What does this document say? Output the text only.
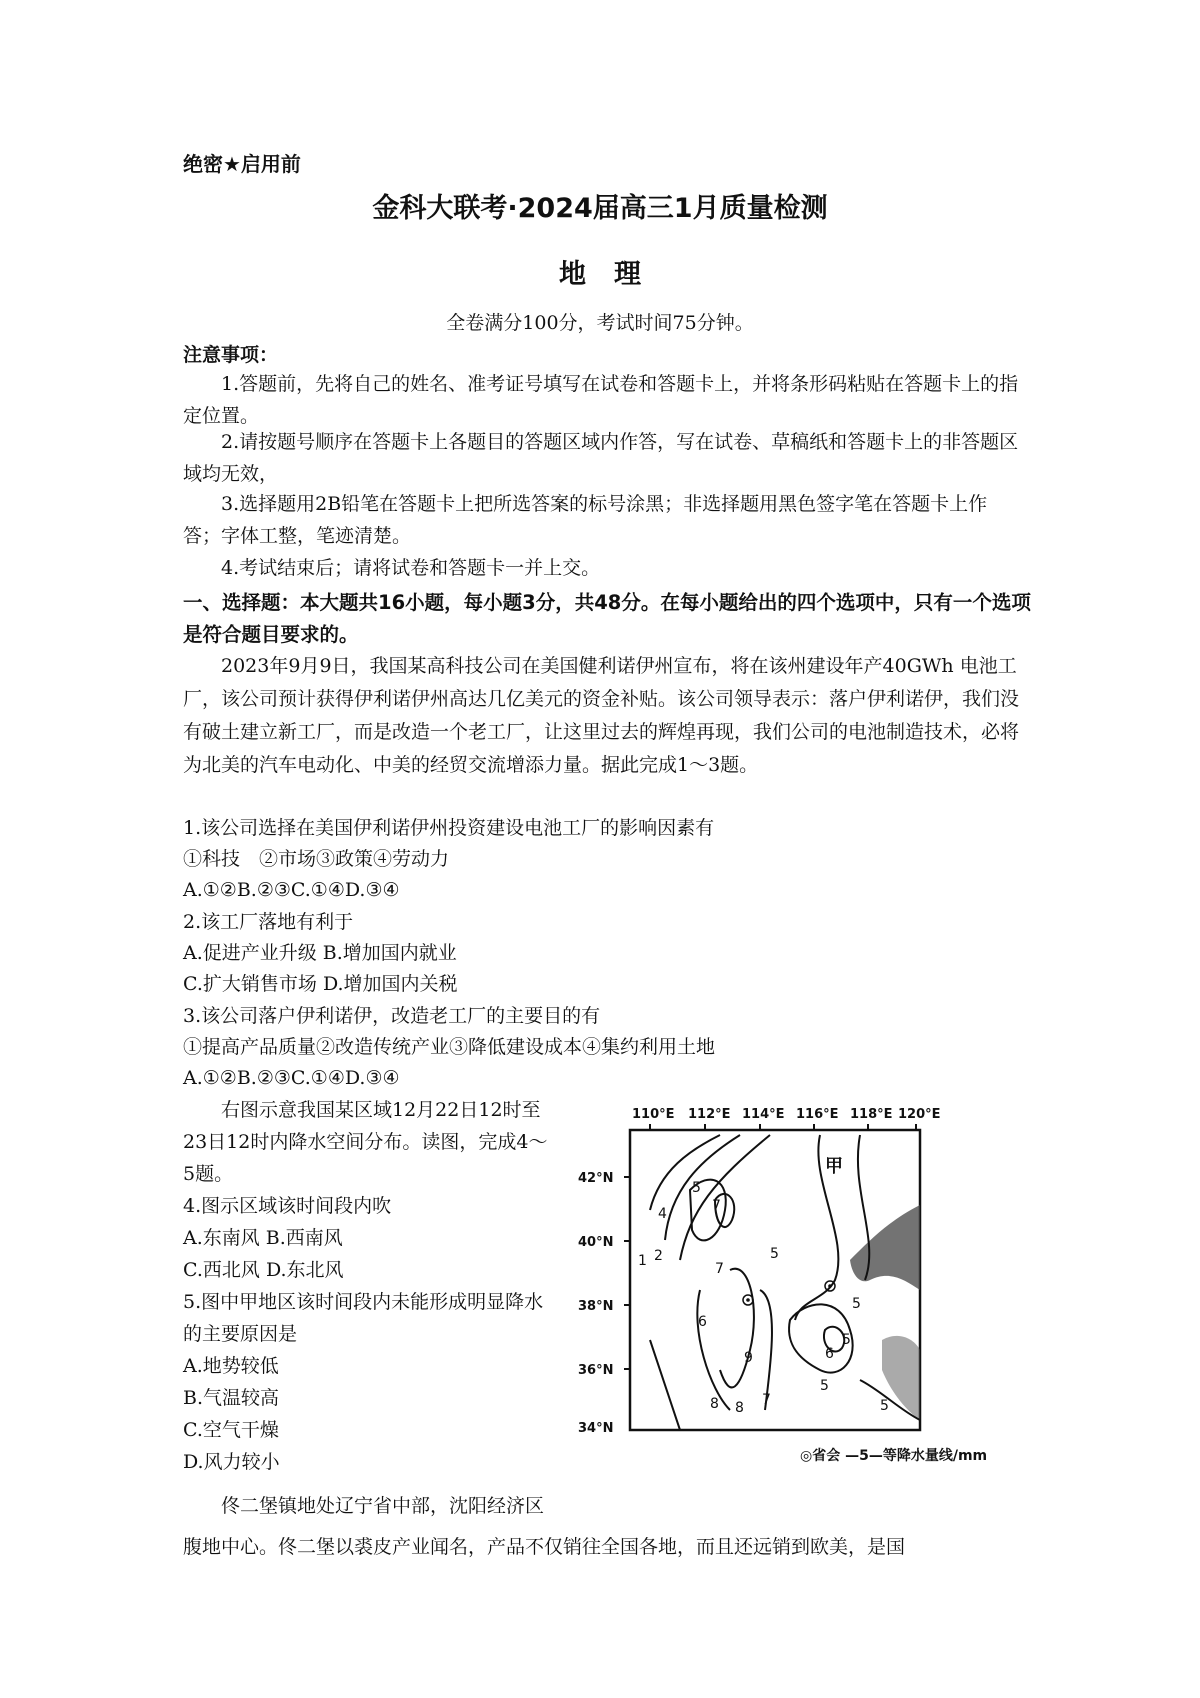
绝密★启用前
金科大联考·2024届高三1月质量检测
地理
全卷满分100分，考试时间75分钟。
注意事项：
1.答题前，先将自己的姓名、准考证号填写在试卷和答题卡上，并将条形码粘贴在答题卡上的指定位置。
2.请按题号顺序在答题卡上各题目的答题区域内作答，写在试卷、草稿纸和答题卡上的非答题区域均无效，
3.选择题用2B铅笔在答题卡上把所选答案的标号涂黑；非选择题用黑色签字笔在答题卡上作答；字体工整，笔迹清楚。
4.考试结束后；请将试卷和答题卡一并上交。
一、选择题：本大题共16小题，每小题3分，共48分。在每小题给出的四个选项中，只有一个选项是符合题目要求的。
2023年9月9日，我国某高科技公司在美国健利诺伊州宣布，将在该州建设年产40GWh 电池工厂，该公司预计获得伊利诺伊州高达几亿美元的资金补贴。该公司领导表示：落户伊利诺伊，我们没有破土建立新工厂，而是改造一个老工厂，让这里过去的辉煌再现，我们公司的电池制造技术，必将为北美的汽车电动化、中美的经贸交流增添力量。据此完成1～3题。
1.该公司选择在美国伊利诺伊州投资建设电池工厂的影响因素有
①科技　②市场③政策④劳动力
A.①②B.②③C.①④D.③④
2.该工厂落地有利于
A.促进产业升级 B.增加国内就业
C.扩大销售市场 D.增加国内关税
3.该公司落户伊利诺伊，改造老工厂的主要目的有
①提高产品质量②改造传统产业③降低建设成本④集约利用土地
A.①②B.②③C.①④D.③④
右图示意我国某区域12月22日12时至
23日12时内降水空间分布。读图，完成4～
5题。
4.图示区域该时间段内吹
A.东南风 B.西南风
C.西北风 D.东北风
5.图中甲地区该时间段内未能形成明显降水
的主要原因是
A.地势较低
B.气温较高
C.空气干燥
D.风力较小
佟二堡镇地处辽宁省中部，沈阳经济区
腹地中心。佟二堡以裘皮产业闻名，产品不仅销往全国各地，而且还远销到欧美，是国
110°E 112°E 114°E 116°E 118°E 120°E
42°N
40°N
38°N
36°N
34°N
5
4
2
1
7
5
7
9
8 8 7
6
5
5
6
5
5
甲
◎省会 —5—等降水量线/mm
